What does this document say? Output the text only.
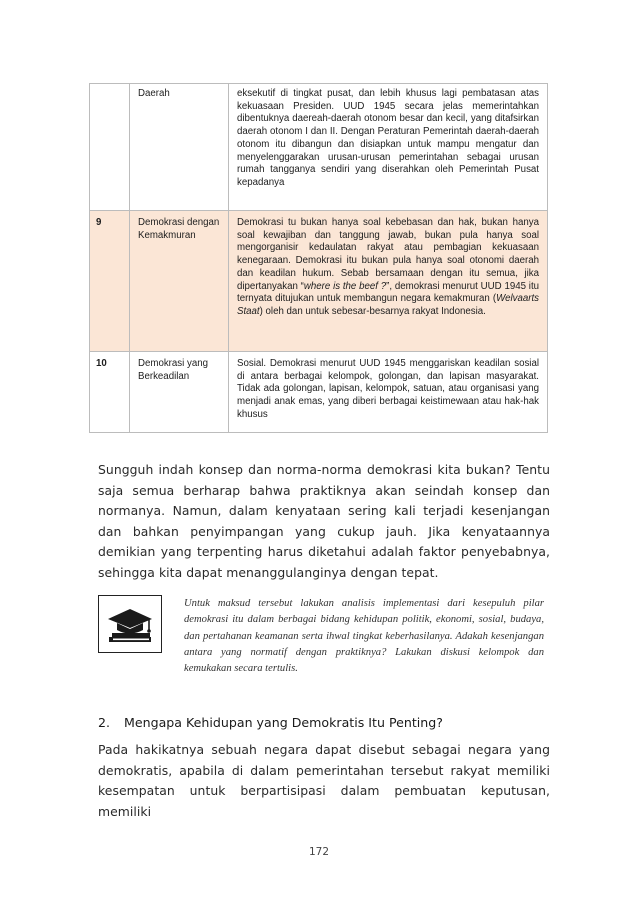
	Daerah	eksekutif di tingkat pusat, dan lebih khusus lagi pembatasan atas kekuasaan Presiden. UUD 1945 secara jelas memerintahkan dibentuknya daereah-daerah otonom besar dan kecil, yang ditafsirkan daerah otonom I dan II. Dengan Peraturan Pemerintah daerah-daerah otonom itu dibangun dan disiapkan untuk mampu mengatur dan menyelenggarakan urusan-urusan pemerintahan sebagai urusan rumah tangganya sendiri yang diserahkan oleh Pemerintah Pusat kepadanya
9	Demokrasi dengan Kemakmuran	Demokrasi tu bukan hanya soal kebebasan dan hak, bukan hanya soal kewajiban dan tanggung jawab, bukan pula hanya soal mengorganisir kedaulatan rakyat atau pembagian kekuasaan kenegaraan. Demokrasi itu bukan pula hanya soal otonomi daerah dan keadilan hukum. Sebab bersamaan dengan itu semua, jika dipertanyakan “where is the beef ?”, demokrasi menurut UUD 1945 itu ternyata ditujukan untuk membangun negara kemakmuran (Welvaarts Staat) oleh dan untuk sebesar-besarnya rakyat Indonesia.
10	Demokrasi yang Berkeadilan	Sosial. Demokrasi menurut UUD 1945 menggariskan keadilan sosial di antara berbagai kelompok, golongan, dan lapisan masyarakat. Tidak ada golongan, lapisan, kelompok, satuan, atau organisasi yang menjadi anak emas, yang diberi berbagai keistimewaan atau hak-hak khusus

Sungguh indah konsep dan norma-norma demokrasi kita bukan? Tentu saja semua berharap bahwa praktiknya akan seindah konsep dan normanya. Namun, dalam kenyataan sering kali terjadi kesenjangan dan bahkan penyimpangan yang cukup jauh. Jika kenyataannya demikian yang terpenting harus diketahui adalah faktor penyebabnya, sehingga kita dapat menanggulanginya dengan tepat.

Untuk maksud tersebut lakukan analisis implementasi dari kesepuluh pilar demokrasi itu dalam berbagai bidang kehidupan politik, ekonomi, sosial, budaya, dan pertahanan keamanan serta ihwal tingkat keberhasilanya. Adakah kesenjangan antara yang normatif dengan praktiknya? Lakukan diskusi kelompok dan kemukakan secara tertulis.

2. Mengapa Kehidupan yang Demokratis Itu Penting?

Pada hakikatnya sebuah negara dapat disebut sebagai negara yang demokratis, apabila di dalam pemerintahan tersebut rakyat memiliki kesempatan untuk berpartisipasi dalam pembuatan keputusan, memiliki

172
